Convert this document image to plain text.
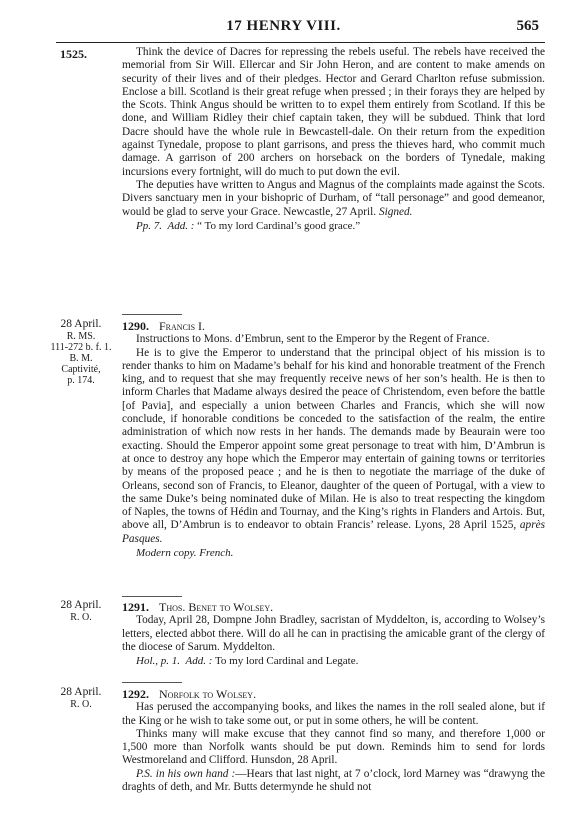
17 HENRY VIII.	565
1525.
28 April.
R. MS.
111-272 b. f. 1.
B. M.
Captivité,
p. 174.
28 April.
R. O.
28 April.
R. O.

Think the device of Dacres for repressing the rebels useful. The rebels have received the memorial from Sir Will. Ellercar and Sir John Heron, and are content to make amends on security of their lives and of their pledges. Hector and Gerard Charlton refuse submission. Enclose a bill. Scotland is their great refuge when pressed ; in their forays they are helped by the Scots. Think Angus should be written to to expel them entirely from Scotland. If this be done, and William Ridley their chief captain taken, they will be subdued. Think that lord Dacre should have the whole rule in Bewcastell-dale. On their return from the expedition against Tynedale, propose to plant garrisons, and press the thieves hard, who commit much damage. A garrison of 200 archers on horseback on the borders of Tynedale, making incursions every fortnight, will do much to put down the evil.

The deputies have written to Angus and Magnus of the complaints made against the Scots. Divers sanctuary men in your bishopric of Durham, of “tall personage” and good demeanor, would be glad to serve your Grace. Newcastle, 27 April. Signed.

Pp. 7. Add. : “ To my lord Cardinal’s good grace.”

1290. Francis I.

Instructions to Mons. d’Embrun, sent to the Emperor by the Regent of France.

He is to give the Emperor to understand that the principal object of his mission is to render thanks to him on Madame’s behalf for his kind and honorable treatment of the French king, and to request that she may frequently receive news of her son’s health. He is then to inform Charles that Madame always desired the peace of Christendom, even before the battle [of Pavia], and especially a union between Charles and Francis, which she will now conclude, if honorable conditions be conceded to the satisfaction of the realm, the entire administration of which now rests in her hands. The demands made by Beaurain were too exacting. Should the Emperor appoint some great personage to treat with him, D’Ambrun is at once to destroy any hope which the Emperor may entertain of gaining towns or territories by means of the proposed peace ; and he is then to negotiate the marriage of the duke of Orleans, second son of Francis, to Eleanor, daughter of the queen of Portugal, with a view to the same Duke’s being nominated duke of Milan. He is also to treat respecting the kingdom of Naples, the towns of Hédin and Tournay, and the King’s rights in Flanders and Artois. But, above all, D’Ambrun is to endeavor to obtain Francis’ release. Lyons, 28 April 1525, après Pasques.

Modern copy. French.

1291. Thos. Benet to Wolsey.

Today, April 28, Dompne John Bradley, sacristan of Myddelton, is, according to Wolsey’s letters, elected abbot there. Will do all he can in practising the amicable grant of the clergy of the diocese of Sarum. Myddelton.

Hol., p. 1. Add. : To my lord Cardinal and Legate.

1292. Norfolk to Wolsey.

Has perused the accompanying books, and likes the names in the roll sealed alone, but if the King or he wish to take some out, or put in some others, he will be content.

Thinks many will make excuse that they cannot find so many, and therefore 1,000 or 1,500 more than Norfolk wants should be put down. Reminds him to send for lords Westmoreland and Clifford. Hunsdon, 28 April.

P.S. in his own hand :—Hears that last night, at 7 o’clock, lord Marney was “drawyng the draghts of deth, and Mr. Butts determynde he shuld not
